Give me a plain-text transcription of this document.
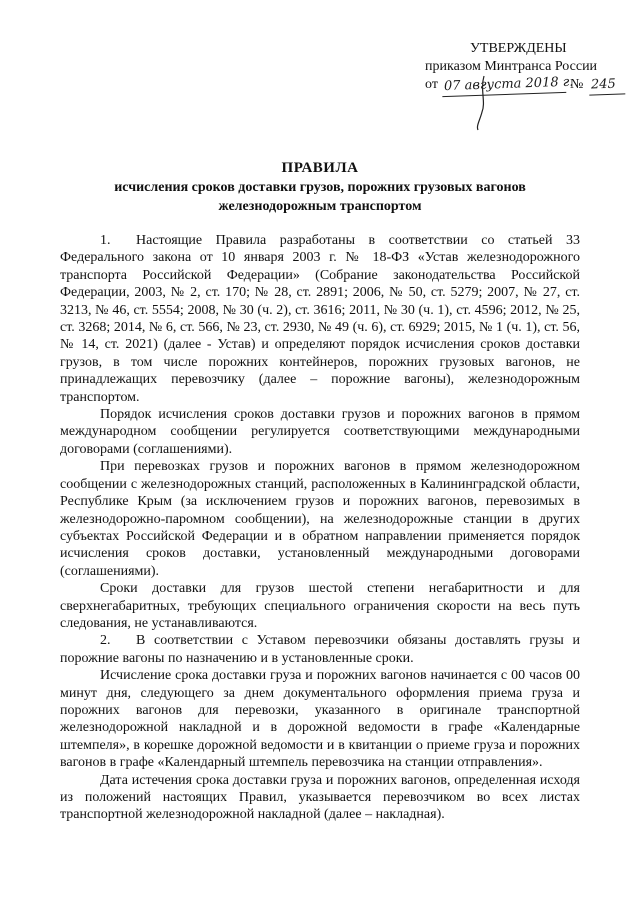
УТВЕРЖДЕНЫ
приказом Минтранса России
от 07 августа 2018 г.
№ 245
ПРАВИЛА
исчисления сроков доставки грузов, порожних грузовых вагонов
железнодорожным транспортом

1. Настоящие Правила разработаны в соответствии со статьей 33 Федерального закона от 10 января 2003 г. № 18-ФЗ «Устав железнодорожного транспорта Российской Федерации» (Собрание законодательства Российской Федерации, 2003, № 2, ст. 170; № 28, ст. 2891; 2006, № 50, ст. 5279; 2007, № 27, ст. 3213, № 46, ст. 5554; 2008, № 30 (ч. 2), ст. 3616; 2011, № 30 (ч. 1), ст. 4596; 2012, № 25, ст. 3268; 2014, № 6, ст. 566, № 23, ст. 2930, № 49 (ч. 6), ст. 6929; 2015, № 1 (ч. 1), ст. 56, № 14, ст. 2021) (далее - Устав) и определяют порядок исчисления сроков доставки грузов, в том числе порожних контейнеров, порожних грузовых вагонов, не принадлежащих перевозчику (далее – порожние вагоны), железнодорожным транспортом.

Порядок исчисления сроков доставки грузов и порожних вагонов в прямом международном сообщении регулируется соответствующими международными договорами (соглашениями).

При перевозках грузов и порожних вагонов в прямом железнодорожном сообщении с железнодорожных станций, расположенных в Калининградской области, Республике Крым (за исключением грузов и порожних вагонов, перевозимых в железнодорожно-паромном сообщении), на железнодорожные станции в других субъектах Российской Федерации и в обратном направлении применяется порядок исчисления сроков доставки, установленный международными договорами (соглашениями).

Сроки доставки для грузов шестой степени негабаритности и для сверхнегабаритных, требующих специального ограничения скорости на весь путь следования, не устанавливаются.

2. В соответствии с Уставом перевозчики обязаны доставлять грузы и порожние вагоны по назначению и в установленные сроки.

Исчисление срока доставки груза и порожних вагонов начинается с 00 часов 00 минут дня, следующего за днем документального оформления приема груза и порожних вагонов для перевозки, указанного в оригинале транспортной железнодорожной накладной и в дорожной ведомости в графе «Календарные штемпеля», в корешке дорожной ведомости и в квитанции о приеме груза и порожних вагонов в графе «Календарный штемпель перевозчика на станции отправления».

Дата истечения срока доставки груза и порожних вагонов, определенная исходя из положений настоящих Правил, указывается перевозчиком во всех листах транспортной железнодорожной накладной (далее – накладная).
